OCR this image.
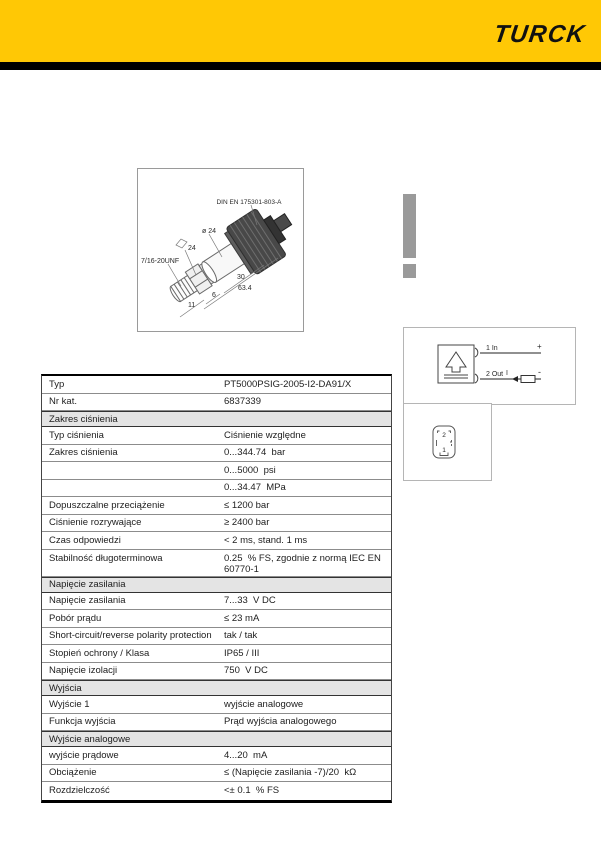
TURCK
DIN EN 175301-803-A
ø 24
24
7/16-20UNF
30
63.4
6
11
1 In	+
2 Out I	-
2
1
Typ	PT5000PSIG-2005-I2-DA91/X
Nr kat.	6837339
Zakres ciśnienia
Typ ciśnienia	Ciśnienie względne
Zakres ciśnienia	0...344.74  bar
0...5000  psi
0...34.47  MPa
Dopuszczalne przeciążenie	≤ 1200 bar
Ciśnienie rozrywające	≥ 2400 bar
Czas odpowiedzi	< 2 ms, stand. 1 ms
Stabilność długoterminowa	0.25  % FS, zgodnie z normą IEC EN 60770-1
Napięcie zasilania
Napięcie zasilania	7...33  V DC
Pobór prądu	≤ 23 mA
Short-circuit/reverse polarity protection	tak / tak
Stopień ochrony / Klasa	IP65 / III
Napięcie izolacji	750  V DC
Wyjścia
Wyjście 1	wyjście analogowe
Funkcja wyjścia	Prąd wyjścia analogowego
Wyjście analogowe
wyjście prądowe	4...20  mA
Obciążenie	≤ (Napięcie zasilania -7)/20  kΩ
Rozdzielczość	<± 0.1  % FS
